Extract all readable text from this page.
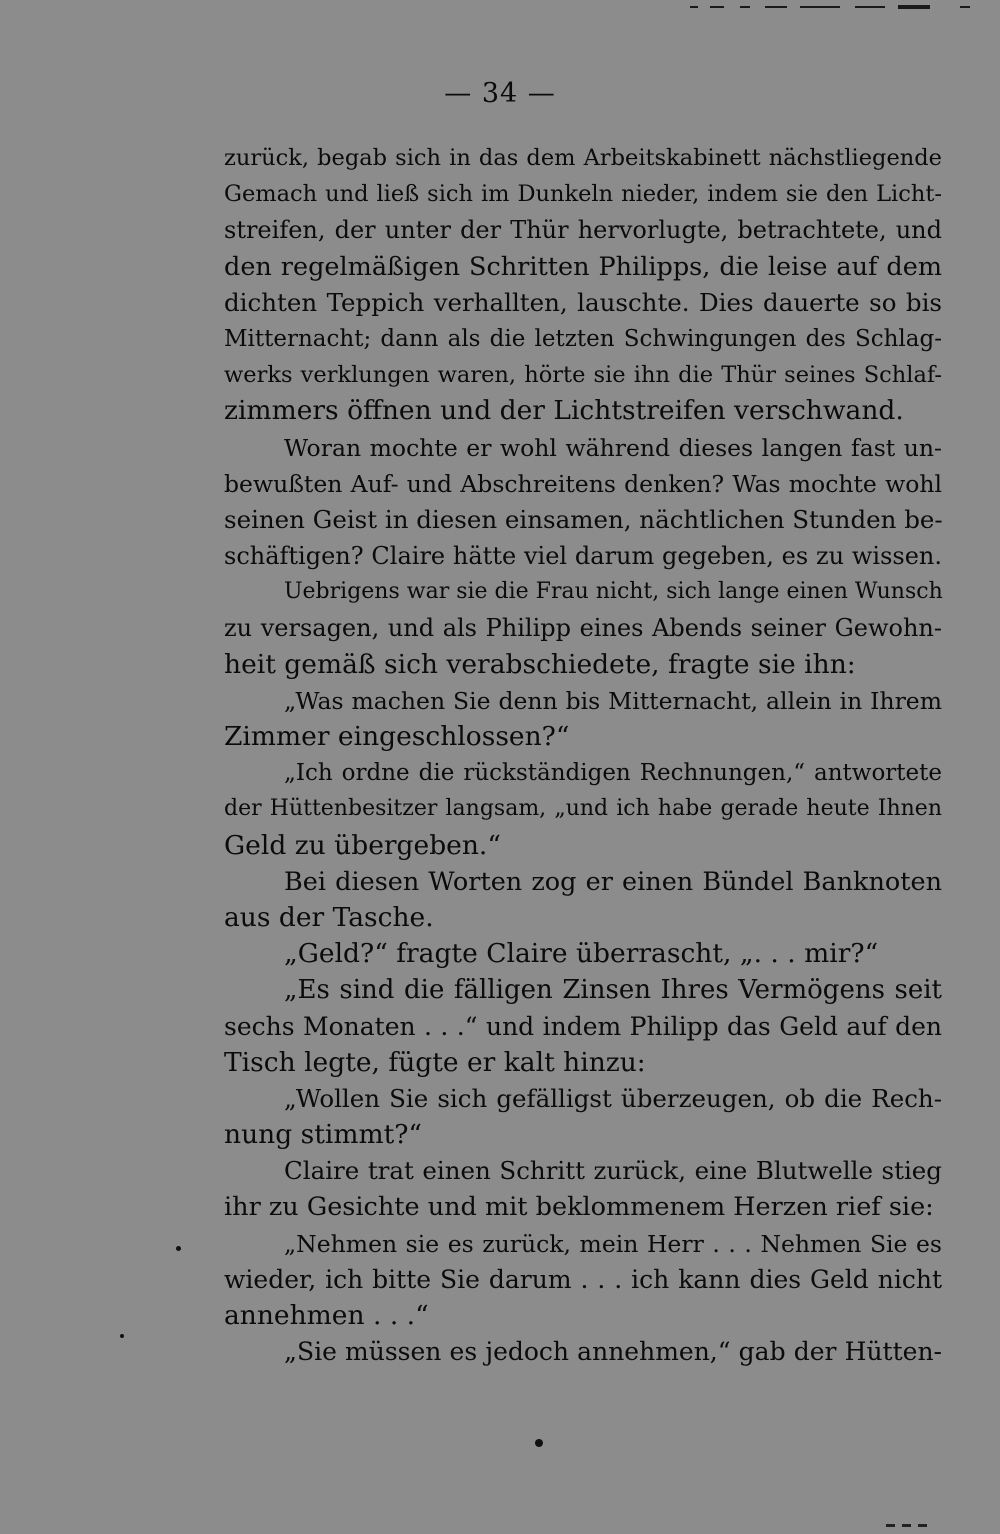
— 34 —
zurück, begab sich in das dem Arbeitskabinett nächstliegende
Gemach und ließ sich im Dunkeln nieder, indem sie den Licht-
streifen, der unter der Thür hervorlugte, betrachtete, und
den regelmäßigen Schritten Philipps, die leise auf dem
dichten Teppich verhallten, lauschte. Dies dauerte so bis
Mitternacht; dann als die letzten Schwingungen des Schlag-
werks verklungen waren, hörte sie ihn die Thür seines Schlaf-
zimmers öffnen und der Lichtstreifen verschwand.
Woran mochte er wohl während dieses langen fast un-
bewußten Auf- und Abschreitens denken? Was mochte wohl
seinen Geist in diesen einsamen, nächtlichen Stunden be-
schäftigen? Claire hätte viel darum gegeben, es zu wissen.
Uebrigens war sie die Frau nicht, sich lange einen Wunsch
zu versagen, und als Philipp eines Abends seiner Gewohn-
heit gemäß sich verabschiedete, fragte sie ihn:
„Was machen Sie denn bis Mitternacht, allein in Ihrem
Zimmer eingeschlossen?“
„Ich ordne die rückständigen Rechnungen,“ antwortete
der Hüttenbesitzer langsam, „und ich habe gerade heute Ihnen
Geld zu übergeben.“
Bei diesen Worten zog er einen Bündel Banknoten
aus der Tasche.
„Geld?“ fragte Claire überrascht, „. . . mir?“
„Es sind die fälligen Zinsen Ihres Vermögens seit
sechs Monaten . . .“ und indem Philipp das Geld auf den
Tisch legte, fügte er kalt hinzu:
„Wollen Sie sich gefälligst überzeugen, ob die Rech-
nung stimmt?“
Claire trat einen Schritt zurück, eine Blutwelle stieg
ihr zu Gesichte und mit beklommenem Herzen rief sie:
„Nehmen sie es zurück, mein Herr . . . Nehmen Sie es
wieder, ich bitte Sie darum . . . ich kann dies Geld nicht
annehmen . . .“
„Sie müssen es jedoch annehmen,“ gab der Hütten-
